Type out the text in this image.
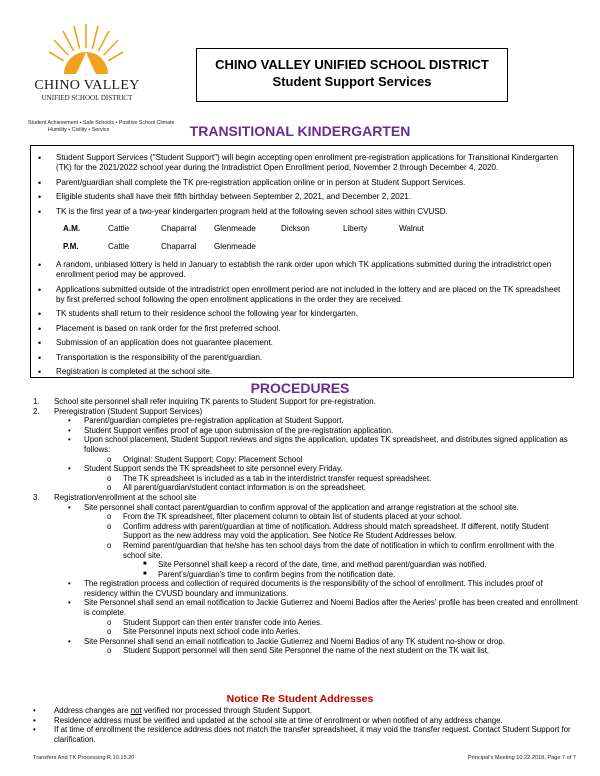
CHINO VALLEY
UNIFIED SCHOOL DISTRICT
Student Achievement • Safe Schools • Positive School Climate
Humility • Civility • Service
CHINO VALLEY UNIFIED SCHOOL DISTRICT
Student Support Services
TRANSITIONAL KINDERGARTEN
• Student Support Services ("Student Support") will begin accepting open enrollment pre-registration applications for Transitional Kindergarten (TK) for the 2021/2022 school year during the Intradistrict Open Enrollment period, November 2 through December 4, 2020.
• Parent/guardian shall complete the TK pre-registration application online or in person at Student Support Services.
• Eligible students shall have their fifth birthday between September 2, 2021, and December 2, 2021.
• TK is the first year of a two-year kindergarten program held at the following seven school sites within CVUSD.
A.M.	Cattle	Chaparral	Glenmeade	Dickson	Liberty	Walnut
P.M.	Cattle	Chaparral	Glenmeade
• A random, unbiased lottery is held in January to establish the rank order upon which TK applications submitted during the intradistrict open enrollment period may be approved.
• Applications submitted outside of the intradistrict open enrollment period are not included in the lottery and are placed on the TK spreadsheet by first preferred school following the open enrollment applications in the order they are received.
• TK students shall return to their residence school the following year for kindergarten.
• Placement is based on rank order for the first preferred school.
• Submission of an application does not guarantee placement.
• Transportation is the responsibility of the parent/guardian.
• Registration is completed at the school site.
PROCEDURES
1. School site personnel shall refer inquiring TK parents to Student Support for pre-registration.
2. Preregistration (Student Support Services)
• Parent/guardian completes pre-registration application at Student Support.
• Student Support verifies proof of age upon submission of the pre-registration application.
• Upon school placement, Student Support reviews and signs the application, updates TK spreadsheet, and distributes signed application as follows:
o Original: Student Support; Copy: Placement School
• Student Support sends the TK spreadsheet to site personnel every Friday.
o The TK spreadsheet is included as a tab in the interdistrict transfer request spreadsheet.
o All parent/guardian/student contact information is on the spreadsheet.
3. Registration/enrollment at the school site
• Site personnel shall contact parent/guardian to confirm approval of the application and arrange registration at the school site.
o From the TK spreadsheet, filter placement column to obtain list of students placed at your school.
o Confirm address with parent/guardian at time of notification. Address should match spreadsheet. If different, notify Student Support as the new address may void the application. See Notice Re Student Addresses below.
o Remind parent/guardian that he/she has ten school days from the date of notification in which to confirm enrollment with the school site.
■ Site Personnel shall keep a record of the date, time, and method parent/guardian was notified.
■ Parent's/guardian's time to confirm begins from the notification date.
• The registration process and collection of required documents is the responsibility of the school of enrollment. This includes proof of residency within the CVUSD boundary and immunizations.
• Site Personnel shall send an email notification to Jackie Gutierrez and Noemi Badios after the Aeries' profile has been created and enrollment is complete.
o Student Support can then enter transfer code into Aeries.
o Site Personnel inputs next school code into Aeries.
• Site Personnel shall send an email notification to Jackie Gutierrez and Noemi Badios of any TK student no-show or drop.
o Student Support personnel will then send Site Personnel the name of the next student on the TK wait list.
Notice Re Student Addresses
• Address changes are not verified nor processed through Student Support.
• Residence address must be verified and updated at the school site at time of enrollment or when notified of any address change.
• If at time of enrollment the residence address does not match the transfer spreadsheet, it may void the transfer request. Contact Student Support for clarification.
Transfers And TK Processing R.10.15.20	Principal's Meeting 10.22.2018, Page 7 of 7
